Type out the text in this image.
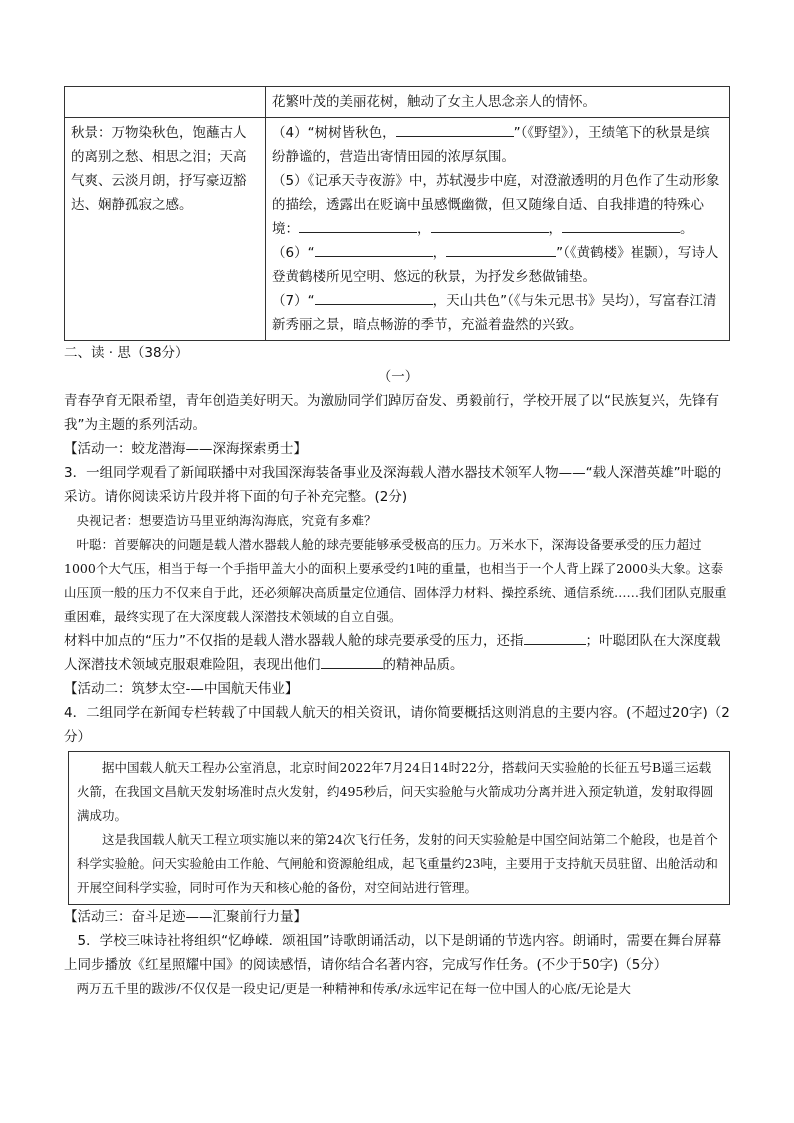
	花繁叶茂的美丽花树，触动了女主人思念亲人的情怀。
秋景：万物染秋色，饱蘸古人的离别之愁、相思之泪；天高气爽、云淡月朗，抒写豪迈豁达、娴静孤寂之感。	（4）“树树皆秋色， ”（《野望》），王绩笔下的秋景是缤纷静谧的，营造出寄情田园的浓厚氛围。

（5）《记承天寺夜游》中，苏轼漫步中庭，对澄澈透明的月色作了生动形象的描绘，透露出在贬谪中虽感慨幽微，但又随缘自适、自我排遣的特殊心境： ， ， 。

（6）“ ， ”（《黄鹤楼》崔颢），写诗人登黄鹤楼所见空明、悠远的秋景，为抒发乡愁做铺垫。

（7）“ ，天山共色”（《与朱元思书》吴均），写富春江清新秀丽之景，暗点畅游的季节，充溢着盎然的兴致。

二、读 · 思（38分）

（一）

青春孕育无限希望，青年创造美好明天。为激励同学们踔厉奋发、勇毅前行，学校开展了以“民族复兴，先锋有我”为主题的系列活动。

【活动一：蛟龙潜海——深海探索勇士】

3．一组同学观看了新闻联播中对我国深海装备事业及深海载人潜水器技术领军人物——“载人深潜英雄”叶聪的采访。请你阅读采访片段并将下面的句子补充完整。(2分)

央视记者：想要造访马里亚纳海沟海底，究竟有多难？

叶聪：首要解决的问题是载人潜水器载人舱的球壳要能够承受极高的压力。万米水下，深海设备要承受的压力超过1000个大气压，相当于每一个手指甲盖大小的面积上要承受约1吨的重量，也相当于一个人背上踩了2000头大象。这泰山压顶一般的压力不仅来自于此，还必须解决高质量定位通信、固体浮力材料、操控系统、通信系统……我们团队克服重重困难，最终实现了在大深度载人深潜技术领域的自立自强。

材料中加点的“压力”不仅指的是载人潜水器载人舱的球壳要承受的压力，还指	；叶聪团队在大深度载人深潜技术领域克服艰难险阻，表现出他们	的精神品质。

【活动二：筑梦太空-—中国航天伟业】

4．二组同学在新闻专栏转载了中国载人航天的相关资讯，请你简要概括这则消息的主要内容。(不超过20字)（2分）

据中国载人航天工程办公室消息，北京时间2022年7月24日14时22分，搭载问天实验舱的长征五号B遥三运载火箭，在我国文昌航天发射场准时点火发射，约495秒后，问天实验舱与火箭成功分离并进入预定轨道，发射取得圆满成功。

这是我国载人航天工程立项实施以来的第24次飞行任务，发射的问天实验舱是中国空间站第二个舱段，也是首个科学实验舱。问天实验舱由工作舱、气闸舱和资源舱组成，起飞重量约23吨，主要用于支持航天员驻留、出舱活动和开展空间科学实验，同时可作为天和核心舱的备份，对空间站进行管理。

【活动三：奋斗足迹——汇聚前行力量】

5．学校三味诗社将组织“忆峥嵘．颂祖国”诗歌朗诵活动，以下是朗诵的节选内容。朗诵时，需要在舞台屏幕上同步播放《红星照耀中国》的阅读感悟，请你结合名著内容，完成写作任务。(不少于50字)（5分）

两万五千里的跋涉/不仅仅是一段史记/更是一种精神和传承/永远牢记在每一位中国人的心底/无论是大
